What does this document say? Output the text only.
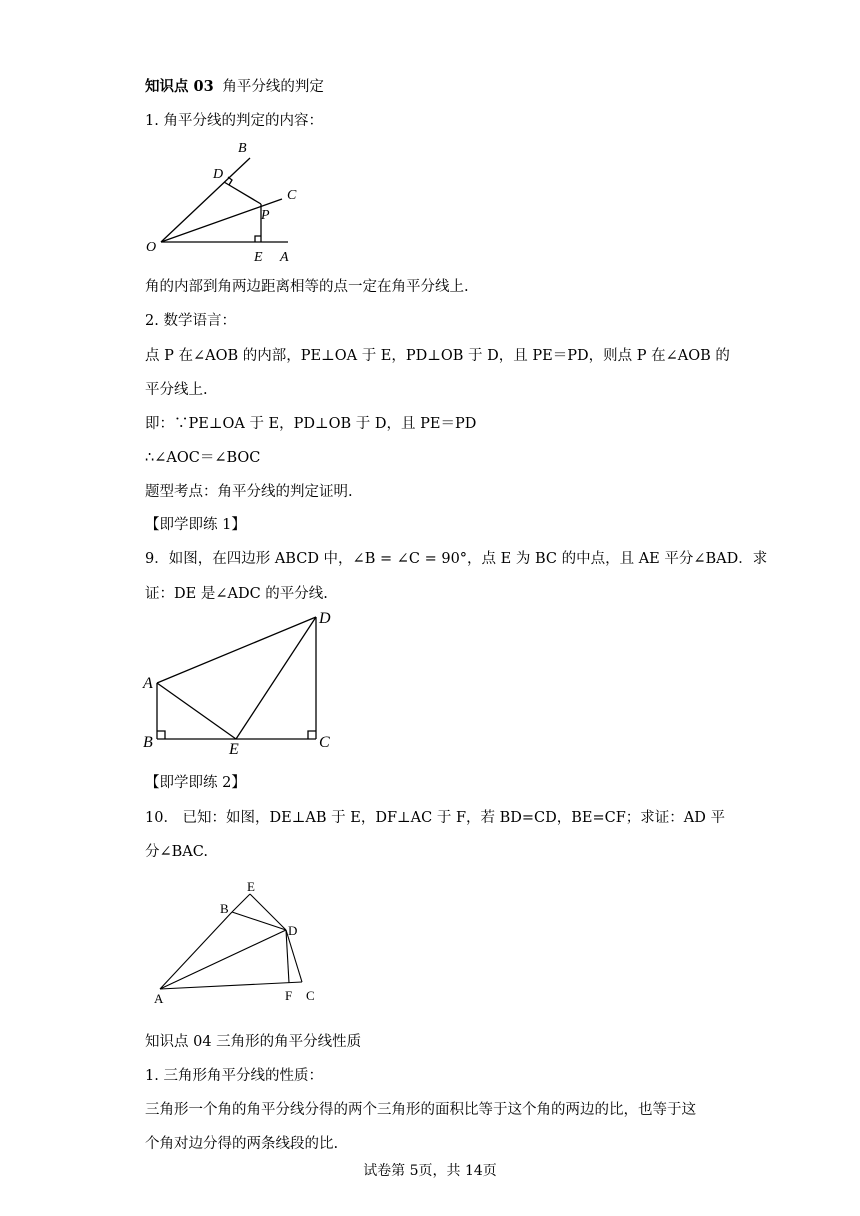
知识点 03 角平分线的判定
1. 角平分线的判定的内容：
O
A
B
C
D
E
P
角的内部到角两边距离相等的点一定在角平分线上.
2. 数学语言：
点 P 在∠AOB 的内部，PE⊥OA 于 E，PD⊥OB 于 D，且 PE＝PD，则点 P 在∠AOB 的
平分线上.
即：∵PE⊥OA 于 E，PD⊥OB 于 D，且 PE＝PD
∴∠AOC＝∠BOC
题型考点：角平分线的判定证明.
【即学即练 1】
9．如图，在四边形 ABCD 中，∠B = ∠C = 90°，点 E 为 BC 的中点，且 AE 平分∠BAD．求
证：DE 是∠ADC 的平分线.
A
B	C
D
E
【即学即练 2】
10． 已知：如图，DE⊥AB 于 E，DF⊥AC 于 F，若 BD=CD，BE=CF；求证：AD 平
分∠BAC.
A
B
C
D
E
F
知识点 04 三角形的角平分线性质
1. 三角形角平分线的性质：
三角形一个角的角平分线分得的两个三角形的面积比等于这个角的两边的比，也等于这
个角对边分得的两条线段的比.
试卷第 5页，共 14页
